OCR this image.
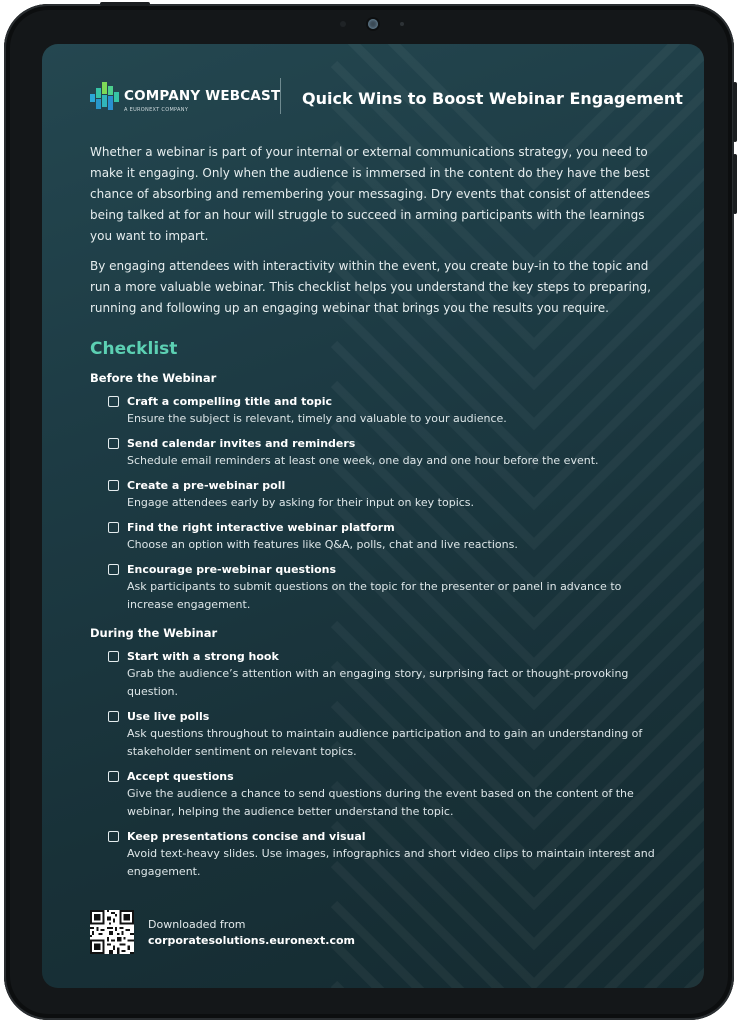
COMPANY WEBCAST
A EURONEXT COMPANY
Quick Wins to Boost Webinar Engagement

Whether a webinar is part of your internal or external communications strategy, you need to make it engaging. Only when the audience is immersed in the content do they have the best chance of absorbing and remembering your messaging. Dry events that consist of attendees being talked at for an hour will struggle to succeed in arming participants with the learnings you want to impart.

By engaging attendees with interactivity within the event, you create buy-in to the topic and run a more valuable webinar. This checklist helps you understand the key steps to preparing, running and following up an engaging webinar that brings you the results you require.

Checklist
Before the Webinar
Craft a compelling title and topic
Ensure the subject is relevant, timely and valuable to your audience.
Send calendar invites and reminders
Schedule email reminders at least one week, one day and one hour before the event.
Create a pre-webinar poll
Engage attendees early by asking for their input on key topics.
Find the right interactive webinar platform
Choose an option with features like Q&A, polls, chat and live reactions.
Encourage pre-webinar questions
Ask participants to submit questions on the topic for the presenter or panel in advance to increase engagement.
During the Webinar
Start with a strong hook
Grab the audience’s attention with an engaging story, surprising fact or thought-provoking question.
Use live polls
Ask questions throughout to maintain audience participation and to gain an understanding of stakeholder sentiment on relevant topics.
Accept questions
Give the audience a chance to send questions during the event based on the content of the webinar, helping the audience better understand the topic.
Keep presentations concise and visual
Avoid text-heavy slides. Use images, infographics and short video clips to maintain interest and engagement.
Downloaded from
corporatesolutions.euronext.com
